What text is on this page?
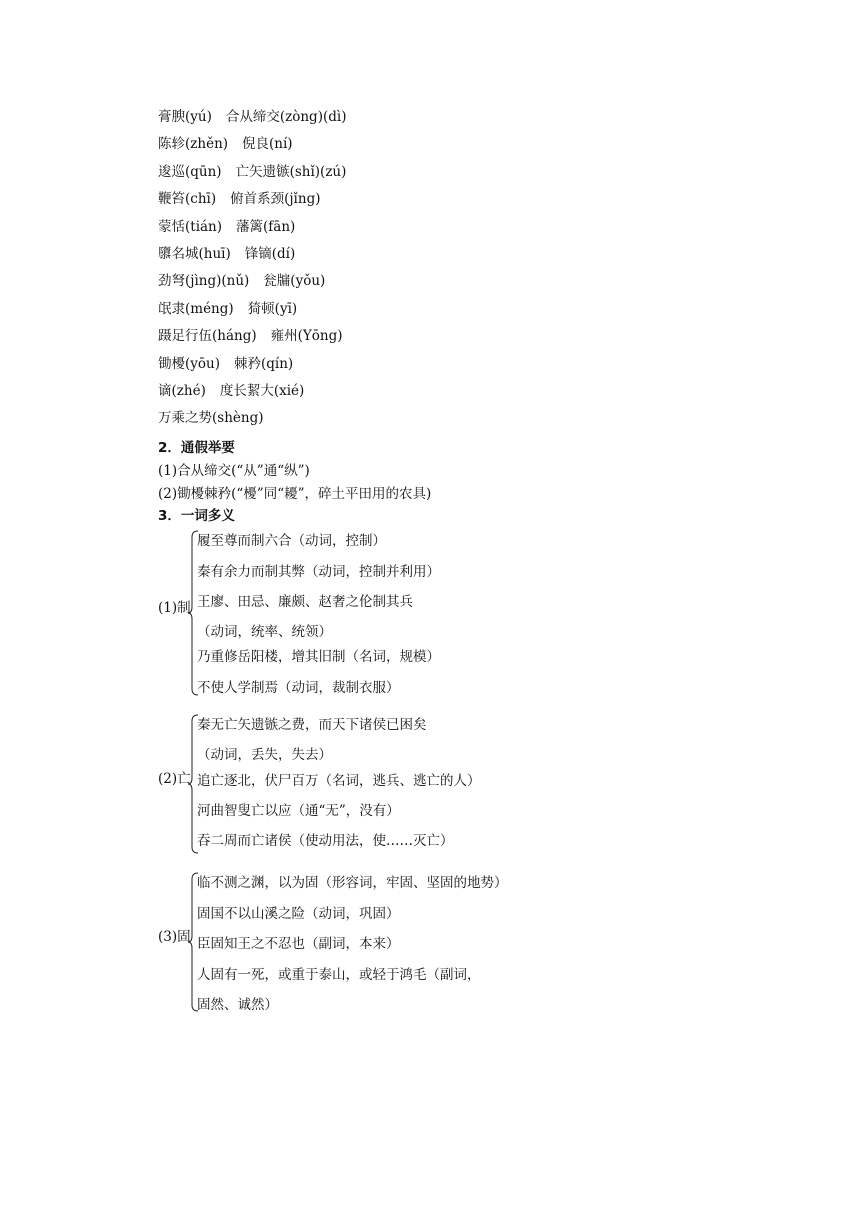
膏腴(yú) 合从缔交(zòng)(dì)
陈轸(zhěn) 倪良(ní)
逡巡(qūn) 亡矢遗镞(shǐ)(zú)
鞭笞(chī) 俯首系颈(jǐng)
蒙恬(tián) 藩篱(fān)
隳名城(huī) 锋镝(dí)
劲弩(jìng)(nǔ) 瓮牖(yǒu)
氓隶(méng) 猗顿(yī)
蹑足行伍(háng) 雍州(Yōng)
锄櫌(yōu) 棘矜(qín)
谪(zhé) 度长絜大(xié)
万乘之势(shèng)
2．通假举要
(1)合从缔交(“从”通“纵”)
(2)锄櫌棘矜(“櫌”同“耰”，碎土平田用的农具)
3．一词多义
(1)制
履至尊而制六合（动词，控制）
秦有余力而制其弊（动词，控制并利用）
王廖、田忌、廉颇、赵奢之伦制其兵
（动词，统率、统领）
乃重修岳阳楼，增其旧制（名词，规模）
不使人学制焉（动词，裁制衣服）
(2)亡
秦无亡矢遗镞之费，而天下诸侯已困矣
（动词，丢失，失去）
追亡逐北，伏尸百万（名词，逃兵、逃亡的人）
河曲智叟亡以应（通“无”，没有）
吞二周而亡诸侯（使动用法，使……灭亡）
(3)固
临不测之渊，以为固（形容词，牢固、坚固的地势）
固国不以山溪之险（动词，巩固）
臣固知王之不忍也（副词，本来）
人固有一死，或重于泰山，或轻于鸿毛（副词，
固然、诚然）
